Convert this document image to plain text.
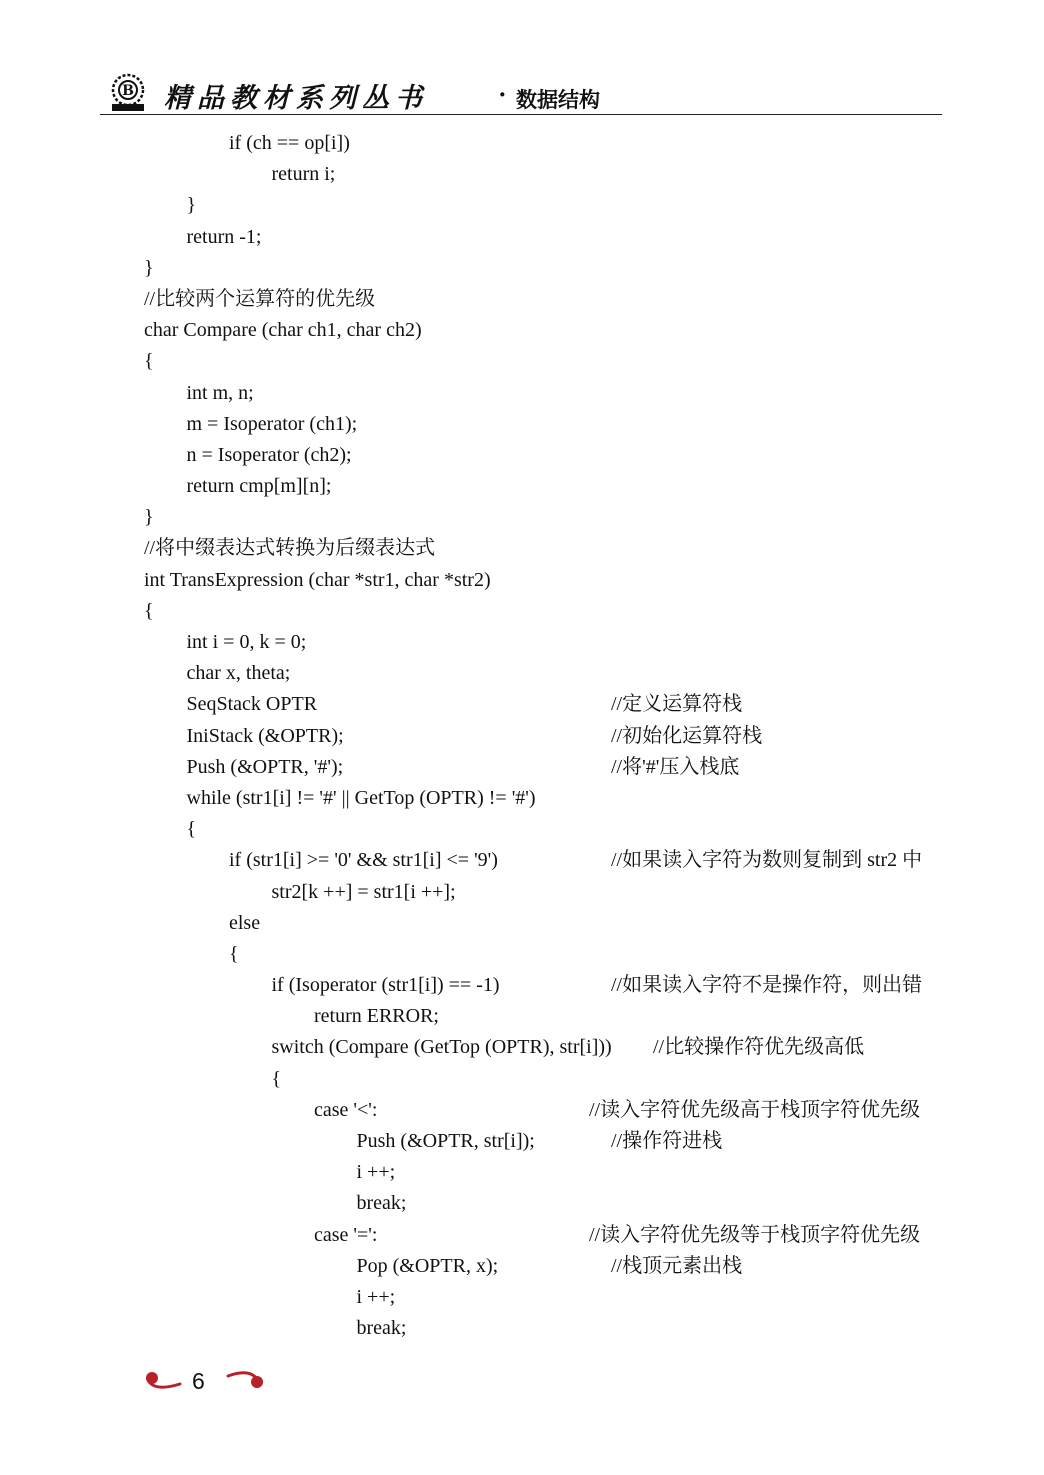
B 精品教材系列丛书	· 数据结构
if (ch == op[i])
return i;
}
return -1;
}
//比较两个运算符的优先级
char Compare (char ch1, char ch2)
{
int m, n;
m = Isoperator (ch1);
n = Isoperator (ch2);
return cmp[m][n];
}
//将中缀表达式转换为后缀表达式
int TransExpression (char *str1, char *str2)
{
int i = 0, k = 0;
char x, theta;
SeqStack OPTR	//定义运算符栈
IniStack (&OPTR);	//初始化运算符栈
Push (&OPTR, '#');	//将'#'压入栈底
while (str1[i] != '#' || GetTop (OPTR) != '#')
{
if (str1[i] >= '0' && str1[i] <= '9')	//如果读入字符为数则复制到 str2 中
str2[k ++] = str1[i ++];
else
{
if (Isoperator (str1[i]) == -1)	//如果读入字符不是操作符，则出错
return ERROR;
switch (Compare (GetTop (OPTR), str[i])) //比较操作符优先级高低
{
case '<':	//读入字符优先级高于栈顶字符优先级
Push (&OPTR, str[i]);	//操作符进栈
i ++;
break;
case '=':	//读入字符优先级等于栈顶字符优先级
Pop (&OPTR, x);	//栈顶元素出栈
i ++;
break;
6
